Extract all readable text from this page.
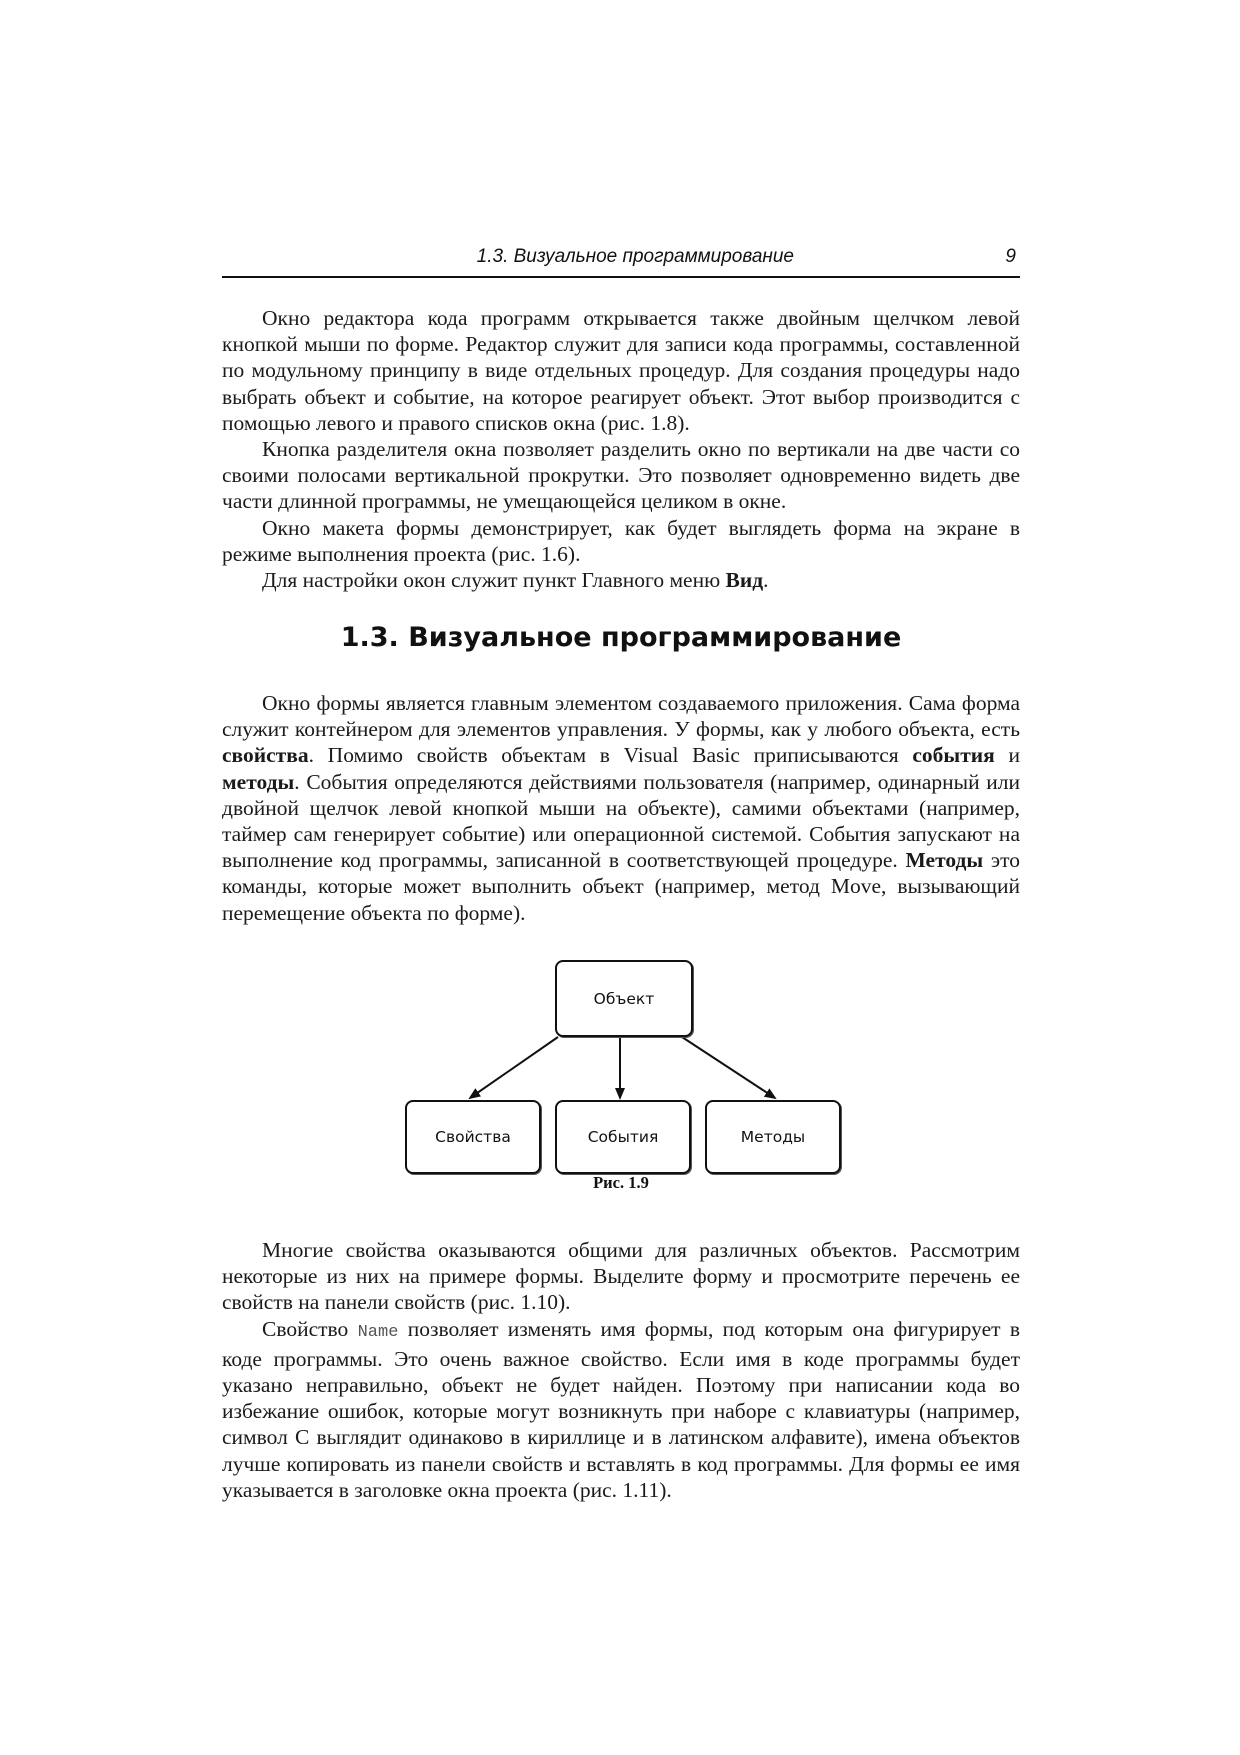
1.3. Визуальное программирование	9

Окно редактора кода программ открывается также двойным щелчком левой кнопкой мыши по форме. Редактор служит для записи кода программы, составленной по модульному принципу в виде отдельных процедур. Для создания процедуры надо выбрать объект и событие, на которое реагирует объект. Этот выбор производится с помощью левого и правого списков окна (рис. 1.8).

Кнопка разделителя окна позволяет разделить окно по вертикали на две части со своими полосами вертикальной прокрутки. Это позволяет одновременно видеть две части длинной программы, не умещающейся целиком в окне.

Окно макета формы демонстрирует, как будет выглядеть форма на экране в режиме выполнения проекта (рис. 1.6).

Для настройки окон служит пункт Главного меню Вид.

1.3. Визуальное программирование

Окно формы является главным элементом создаваемого приложения. Сама форма служит контейнером для элементов управления. У формы, как у любого объекта, есть свойства. Помимо свойств объектам в Visual Basic приписываются события и методы. События определяются действиями пользователя (например, одинарный или двойной щелчок левой кнопкой мыши на объекте), самими объектами (например, таймер сам генерирует событие) или операционной системой. События запускают на выполнение код программы, записанной в соответствующей процедуре. Методы это команды, которые может выполнить объект (например, метод Move, вызывающий перемещение объекта по форме).

Объект
Свойства	События	Методы
Рис. 1.9

Многие свойства оказываются общими для различных объектов. Рассмотрим некоторые из них на примере формы. Выделите форму и просмотрите перечень ее свойств на панели свойств (рис. 1.10).

Свойство Name позволяет изменять имя формы, под которым она фигурирует в коде программы. Это очень важное свойство. Если имя в коде программы будет указано неправильно, объект не будет найден. Поэтому при написании кода во избежание ошибок, которые могут возникнуть при наборе с клавиатуры (например, символ С выглядит одинаково в кириллице и в латинском алфавите), имена объектов лучше копировать из панели свойств и вставлять в код программы. Для формы ее имя указывается в заголовке окна проекта (рис. 1.11).
